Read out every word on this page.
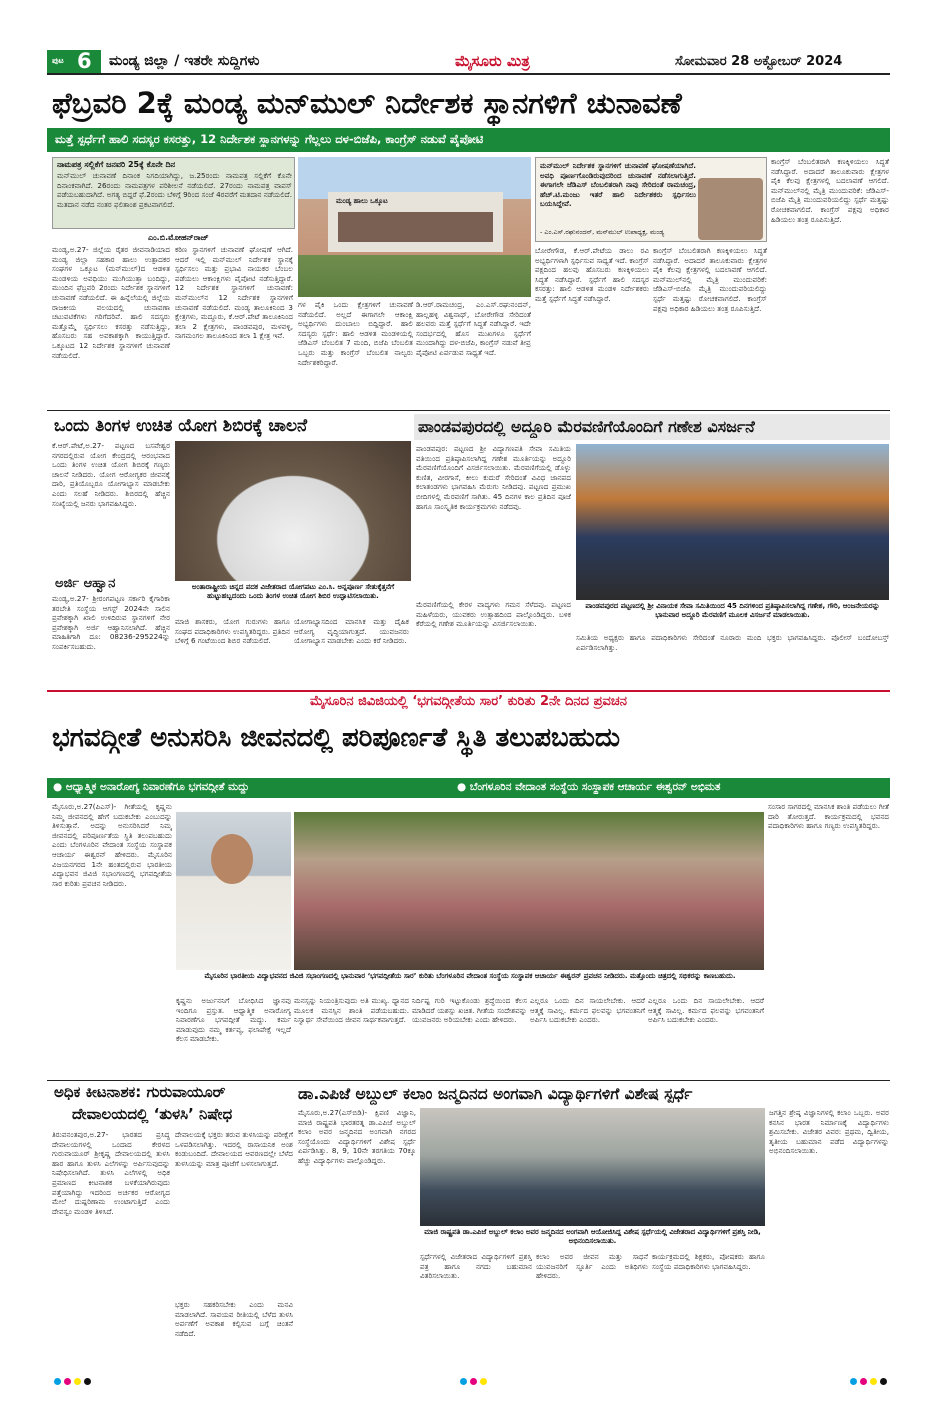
ಪುಟ 6 ಮಂಡ್ಯ ಜಿಲ್ಲಾ / ಇತರೇ ಸುದ್ದಿಗಳು	ಮೈಸೂರು ಮಿತ್ರ	ಸೋಮವಾರ 28 ಅಕ್ಟೋಬರ್ 2024
ಫೆಬ್ರವರಿ 2ಕ್ಕೆ ಮಂಡ್ಯ ಮನ್‌ಮುಲ್ ನಿರ್ದೇಶಕ ಸ್ಥಾನಗಳಿಗೆ ಚುನಾವಣೆ
ಮತ್ತೆ ಸ್ಪರ್ಧೆಗೆ ಹಾಲಿ ಸದಸ್ಯರ ಕಸರತ್ತು, 12 ನಿರ್ದೇಶಕ ಸ್ಥಾನಗಳನ್ನು ಗೆಲ್ಲಲು ದಳ-ಬಿಜೆಪಿ, ಕಾಂಗ್ರೆಸ್ ನಡುವೆ ಪೈಪೋಟಿ
ನಾಮಪತ್ರ ಸಲ್ಲಿಕೆಗೆ ಜನವರಿ 25ಕ್ಕೆ ಕೊನೇ ದಿನ
ಮನ್‌ಮುಲ್ ಚುನಾವಣೆ ದಿನಾಂಕ ನಿಗದಿಯಾಗಿದ್ದು, ಜ.25ರಂದು ನಾಮಪತ್ರ ಸಲ್ಲಿಕೆಗೆ ಕೊನೇ ದಿನಾಂಕವಾಗಿದೆ. 26ರಂದು ನಾಮಪತ್ರಗಳ ಪರಿಶೀಲನೆ ನಡೆಯಲಿದೆ. 27ರಂದು ನಾಮಪತ್ರ ವಾಪಸ್ ಪಡೆಯಬಹುದಾಗಿದೆ. ಅಗತ್ಯ ಬಿದ್ದರೆ ಫೆ.2ರಂದು ಬೆಳಿಗ್ಗೆ 9ರಿಂದ ಸಂಜೆ 4ರವರೆಗೆ ಮತದಾನ ನಡೆಯಲಿದೆ. ಮತದಾನ ನಡೆದ ನಂತರ ಫಲಿತಾಂಶ ಪ್ರಕಟವಾಗಲಿದೆ.
ಎಂ.ಬಿ.ಮೋಹನ್‌ರಾಜ್
ಮಂಡ್ಯ,ಅ.27- ಜಿಲ್ಲೆಯ ರೈತರ ಜೀವನಾಡಿಯಾದ ಮಂಡ್ಯ ಜಿಲ್ಲಾ ಸಹಕಾರ ಹಾಲು ಉತ್ಪಾದಕರ ಸಂಘಗಳ ಒಕ್ಕೂಟ (ಮನ್‌ಮುಲ್)ದ ಆಡಳಿತ ಮಂಡಳಿಯ ಅವಧಿಯು ಮುಗಿಯುತ್ತಾ ಬಂದಿದ್ದು, ಮುಂದಿನ ಫೆಬ್ರವರಿ 2ರಂದು ನಿರ್ದೇಶಕ ಸ್ಥಾನಗಳಿಗೆ ಚುನಾವಣೆ ನಡೆಯಲಿದೆ. ಈ ಹಿನ್ನೆಲೆಯಲ್ಲಿ ಜಿಲ್ಲೆಯ ರಾಜಕೀಯ ವಲಯದಲ್ಲಿ ಚುನಾವಣಾ ಚಟುವಟಿಕೆಗಳು ಗರಿಗೆದರಿವೆ. ಹಾಲಿ ಸದಸ್ಯರು ಮತ್ತೊಮ್ಮೆ ಸ್ಪರ್ಧಿಸಲು ಕಸರತ್ತು ನಡೆಸುತ್ತಿದ್ದು, ಹೊಸಬರು ಸಹ ಅವಕಾಶಕ್ಕಾಗಿ ಕಾಯುತ್ತಿದ್ದಾರೆ. ಒಕ್ಕೂಟದ 12 ನಿರ್ದೇಶಕ ಸ್ಥಾನಗಳಿಗೆ ಚುನಾವಣೆ ನಡೆಯಲಿದೆ.
ಕಠಿಣ ಸ್ಥಾನಗಳಿಗೆ ಚುನಾವಣೆ ಘೋಷಣೆ ಆಗಿದೆ. ಆದರೆ ಇಲ್ಲಿ ಮನ್‌ಮುಲ್ ನಿರ್ದೇಶಕ ಸ್ಥಾನಕ್ಕೆ ಸ್ಪರ್ಧಿಸಲು ಮತ್ತು ಪ್ರಭಾವಿ ನಾಯಕರ ಬೆಂಬಲ ಪಡೆಯಲು ಆಕಾಂಕ್ಷಿಗಳು ಪೈಪೋಟಿ ನಡೆಸುತ್ತಿದ್ದಾರೆ. 12 ನಿರ್ದೇಶಕ ಸ್ಥಾನಗಳಿಗೆ ಚುನಾವಣೆ: ಮನ್‌ಮುಲ್‌ನ 12 ನಿರ್ದೇಶಕ ಸ್ಥಾನಗಳಿಗೆ ಚುನಾವಣೆ ನಡೆಯಲಿದೆ. ಮಂಡ್ಯ ತಾಲೂಕಿನಿಂದ 3 ಕ್ಷೇತ್ರಗಳು, ಮದ್ದೂರು, ಕೆ.ಆರ್.ಪೇಟೆ ತಾಲೂಕಿನಿಂದ ತಲಾ 2 ಕ್ಷೇತ್ರಗಳು, ಪಾಂಡವಪುರ, ಮಳವಳ್ಳಿ, ನಾಗಮಂಗಲ ತಾಲೂಕಿನಿಂದ ತಲಾ 1 ಕ್ಷೇತ್ರ ಇವೆ.
ಮಂಡ್ಯ ಹಾಲು ಒಕ್ಕೂಟ
ಗಳ ಪೈಕಿ ಒಂದು ಕ್ಷೇತ್ರಗಳಿಗೆ ಚುನಾವಣೆ ನಡೆಯಲಿದೆ. ಅಲ್ಲದೆ ಈಗಾಗಲೇ ಆಕಾಂಕ್ಷಿ ಅಭ್ಯರ್ಥಿಗಳು ದುಂಬಾಲು ಬಿದ್ದಿದ್ದಾರೆ. ಹಾಲಿ ಸದಸ್ಯರು ಸ್ಪರ್ಧೆ: ಹಾಲಿ ಆಡಳಿತ ಮಂಡಳಿಯಲ್ಲಿ ಜೆಡಿಎಸ್ ಬೆಂಬಲಿತ 7 ಮಂದಿ, ಬಿಜೆಪಿ ಬೆಂಬಲಿತ ಒಬ್ಬರು ಮತ್ತು ಕಾಂಗ್ರೆಸ್ ಬೆಂಬಲಿತ ನಾಲ್ವರು ನಿರ್ದೇಶಕರಿದ್ದಾರೆ.
ಡಿ.ಆರ್.ರಾಮಚಂದ್ರ, ಎಂ.ಎಸ್.ರಘುನಂದನ್, ಹಾಲ್ಲಹಳ್ಳಿ ವಿಶ್ವನಾಥ್, ಬೋರೇಗೌಡ ಸೇರಿದಂತೆ ಹಲವರು ಮತ್ತೆ ಸ್ಪರ್ಧೆಗೆ ಸಿದ್ಧತೆ ನಡೆಸಿದ್ದಾರೆ. ಇದೇ ಸಂದರ್ಭದಲ್ಲಿ ಹೊಸ ಮುಖಗಳೂ ಸ್ಪರ್ಧೆಗೆ ಮುಂದಾಗಿದ್ದು ದಳ-ಬಿಜೆಪಿ, ಕಾಂಗ್ರೆಸ್ ನಡುವೆ ತೀವ್ರ ಪೈಪೋಟಿ ಏರ್ಪಡುವ ಸಾಧ್ಯತೆ ಇದೆ.
ಮನ್‌ಮುಲ್ ನಿರ್ದೇಶಕ ಸ್ಥಾನಗಳಿಗೆ ಚುನಾವಣೆ ಘೋಷಣೆಯಾಗಿದೆ. ಅವಧಿ ಪೂರ್ಣಗೊಂಡಿರುವುದರಿಂದ ಚುನಾವಣೆ ನಡೆಸಲಾಗುತ್ತಿದೆ. ಈಗಾಗಲೇ ಜೆಡಿಎಸ್ ಬೆಂಬಲಿತರಾಗಿ ನಾವು ಸೇರಿದಂತೆ ರಾಮಚಂದ್ರ, ಹೆಚ್.ಟಿ.ಮಂಜು ಇತರೆ ಹಾಲಿ ನಿರ್ದೇಶಕರು ಸ್ಪರ್ಧಿಸಲು ಬಯಸಿದ್ದೇವೆ.
- ಎಂ.ಎಸ್.ರಘುನಂದನ್, ಮನ್‌ಮುಲ್ ಉಪಾಧ್ಯಕ್ಷ, ಮಂಡ್ಯ
ಬೋರೇಗೌಡ, ಕೆ.ಆರ್.ಪೇಟೆಯ ಡಾಲು ರವಿ ಅಭ್ಯರ್ಥಿಗಳಾಗಿ ಸ್ಪರ್ಧಿಸುವ ಸಾಧ್ಯತೆ ಇದೆ. ಕಾಂಗ್ರೆಸ್ ಪಕ್ಷದಿಂದ ಹಲವು ಹೊಸಬರು ಕಣಕ್ಕಿಳಿಯಲು ಸಿದ್ಧತೆ ನಡೆಸಿದ್ದಾರೆ. ಸ್ಪರ್ಧೆಗೆ ಹಾಲಿ ಸದಸ್ಯರ ಕಸರತ್ತು: ಹಾಲಿ ಆಡಳಿತ ಮಂಡಳಿ ನಿರ್ದೇಶಕರು ಮತ್ತೆ ಸ್ಪರ್ಧೆಗೆ ಸಿದ್ಧತೆ ನಡೆಸಿದ್ದಾರೆ.
ಕಾಂಗ್ರೆಸ್ ಬೆಂಬಲಿತರಾಗಿ ಕಣಕ್ಕಿಳಿಯಲು ಸಿದ್ಧತೆ ನಡೆಸಿದ್ದಾರೆ. ಅದಾದರೆ ತಾಲೂಕುವಾರು ಕ್ಷೇತ್ರಗಳ ಪೈಕಿ ಕೆಲವು ಕ್ಷೇತ್ರಗಳಲ್ಲಿ ಬದಲಾವಣೆ ಆಗಲಿದೆ. ಮನ್‌ಮುಲ್‌ನಲ್ಲಿ ಮೈತ್ರಿ ಮುಂದುವರಿಕೆ: ಜೆಡಿಎಸ್-ಬಿಜೆಪಿ ಮೈತ್ರಿ ಮುಂದುವರಿಯಲಿದ್ದು ಸ್ಪರ್ಧೆ ಮತ್ತಷ್ಟು ರೋಚಕವಾಗಲಿದೆ. ಕಾಂಗ್ರೆಸ್ ಪಕ್ಷವು ಅಧಿಕಾರ ಹಿಡಿಯಲು ತಂತ್ರ ರೂಪಿಸುತ್ತಿದೆ.
ಕಾಂಗ್ರೆಸ್ ಬೆಂಬಲಿತರಾಗಿ ಕಣಕ್ಕಿಳಿಯಲು ಸಿದ್ಧತೆ ನಡೆಸಿದ್ದಾರೆ. ಅದಾದರೆ ತಾಲೂಕುವಾರು ಕ್ಷೇತ್ರಗಳ ಪೈಕಿ ಕೆಲವು ಕ್ಷೇತ್ರಗಳಲ್ಲಿ ಬದಲಾವಣೆ ಆಗಲಿದೆ. ಮನ್‌ಮುಲ್‌ನಲ್ಲಿ ಮೈತ್ರಿ ಮುಂದುವರಿಕೆ: ಜೆಡಿಎಸ್-ಬಿಜೆಪಿ ಮೈತ್ರಿ ಮುಂದುವರಿಯಲಿದ್ದು ಸ್ಪರ್ಧೆ ಮತ್ತಷ್ಟು ರೋಚಕವಾಗಲಿದೆ. ಕಾಂಗ್ರೆಸ್ ಪಕ್ಷವು ಅಧಿಕಾರ ಹಿಡಿಯಲು ತಂತ್ರ ರೂಪಿಸುತ್ತಿದೆ.
ಒಂದು ತಿಂಗಳ ಉಚಿತ ಯೋಗ ಶಿಬಿರಕ್ಕೆ ಚಾಲನೆ
ಕೆ.ಆರ್.ಪೇಟೆ,ಅ.27- ಪಟ್ಟಣದ ಬಸವೇಶ್ವರ ನಗರದಲ್ಲಿರುವ ಯೋಗ ಕೇಂದ್ರದಲ್ಲಿ ಆರಂಭವಾದ ಒಂದು ತಿಂಗಳ ಉಚಿತ ಯೋಗ ಶಿಬಿರಕ್ಕೆ ಗಣ್ಯರು ಚಾಲನೆ ನೀಡಿದರು. ಯೋಗ ಆರೋಗ್ಯಕರ ಜೀವನಕ್ಕೆ ದಾರಿ, ಪ್ರತಿಯೊಬ್ಬರೂ ಯೋಗಾಭ್ಯಾಸ ಮಾಡಬೇಕು ಎಂದು ಸಲಹೆ ನೀಡಿದರು. ಶಿಬಿರದಲ್ಲಿ ಹೆಚ್ಚಿನ ಸಂಖ್ಯೆಯಲ್ಲಿ ಜನರು ಭಾಗವಹಿಸಿದ್ದರು.
ಅಂತಾರಾಷ್ಟ್ರೀಯ ಚಿನ್ನದ ಪದಕ ವಿಜೇತರಾದ ಯೋಗಪಟು ಎಂ.ಸಿ. ಅನ್ನಪೂರ್ಣ ಸೇತುಕ್ಕೆತ್ತನೆಗೆ ಹುಟ್ಟುಹಬ್ಬದಂದು ಒಂದು ತಿಂಗಳ ಉಚಿತ ಯೋಗ ಶಿಬಿರ ಉದ್ಘಾಟಿಸಲಾಯಿತು.
ಅರ್ಜಿ ಆಹ್ವಾನ
ಮಂಡ್ಯ,ಅ.27- ಶ್ರೀರಂಗಪಟ್ಟಣ ಸರ್ಕಾರಿ ಕೈಗಾರಿಕಾ ತರಬೇತಿ ಸಂಸ್ಥೆಯ ಆಗಸ್ಟ್ 2024ನೇ ಸಾಲಿನ ಪ್ರವೇಶಕ್ಕಾಗಿ ಖಾಲಿ ಉಳಿದಿರುವ ಸ್ಥಾನಗಳಿಗೆ ನೇರ ಪ್ರವೇಶಕ್ಕಾಗಿ ಅರ್ಜಿ ಆಹ್ವಾನಿಸಲಾಗಿದೆ. ಹೆಚ್ಚಿನ ಮಾಹಿತಿಗಾಗಿ ದೂ: 08236-295224ನ್ನು ಸಂಪರ್ಕಿಸಬಹುದು.
ಮಾಜಿ ಶಾಸಕರು, ಯೋಗ ಗುರುಗಳು ಹಾಗೂ ಸಂಘದ ಪದಾಧಿಕಾರಿಗಳು ಉಪಸ್ಥಿತರಿದ್ದರು. ಪ್ರತಿದಿನ ಬೆಳಿಗ್ಗೆ 6 ಗಂಟೆಯಿಂದ ಶಿಬಿರ ನಡೆಯಲಿದೆ.
ಯೋಗಾಭ್ಯಾಸದಿಂದ ಮಾನಸಿಕ ಮತ್ತು ದೈಹಿಕ ಆರೋಗ್ಯ ವೃದ್ಧಿಯಾಗುತ್ತದೆ. ಯುವಜನರು ಯೋಗಾಭ್ಯಾಸ ಮಾಡಬೇಕು ಎಂದು ಕರೆ ನೀಡಿದರು.
ಪಾಂಡವಪುರದಲ್ಲಿ ಅದ್ದೂರಿ ಮೆರವಣಿಗೆಯೊಂದಿಗೆ ಗಣೇಶ ವಿಸರ್ಜನೆ
ಪಾಂಡವಪುರ: ಪಟ್ಟಣದ ಶ್ರೀ ವಿದ್ಯಾಗಣಪತಿ ಸೇವಾ ಸಮಿತಿಯ ವತಿಯಿಂದ ಪ್ರತಿಷ್ಠಾಪಿಸಲಾಗಿದ್ದ ಗಣೇಶ ಮೂರ್ತಿಯನ್ನು ಅದ್ದೂರಿ ಮೆರವಣಿಗೆಯೊಂದಿಗೆ ವಿಸರ್ಜಿಸಲಾಯಿತು. ಮೆರವಣಿಗೆಯಲ್ಲಿ ಡೊಳ್ಳು ಕುಣಿತ, ವೀರಗಾಸೆ, ಕೀಲು ಕುದುರೆ ಸೇರಿದಂತೆ ವಿವಿಧ ಜಾನಪದ ಕಲಾತಂಡಗಳು ಭಾಗವಹಿಸಿ ಮೆರುಗು ನೀಡಿದವು. ಪಟ್ಟಣದ ಪ್ರಮುಖ ಬೀದಿಗಳಲ್ಲಿ ಮೆರವಣಿಗೆ ಸಾಗಿತು. 45 ದಿನಗಳ ಕಾಲ ಪ್ರತಿದಿನ ಪೂಜೆ ಹಾಗೂ ಸಾಂಸ್ಕೃತಿಕ ಕಾರ್ಯಕ್ರಮಗಳು ನಡೆದವು.
ಪಾಂಡವಪುರದ ಪಟ್ಟಣದಲ್ಲಿ ಶ್ರೀ ವಿನಾಯಕ ಸೇವಾ ಸಮಿತಿಯಿಂದ 45 ದಿನಗಳಿಂದ ಪ್ರತಿಷ್ಠಾಪಿಸಲಾಗಿದ್ದ ಗಣೇಶ, ಗೌರಿ, ಆಂಜನೇಯರನ್ನು ಭಾನುವಾರ ಅದ್ದೂರಿ ಮೆರವಣಿಗೆ ಮೂಲಕ ವಿಸರ್ಜನೆ ಮಾಡಲಾಯಿತು.
ಮೆರವಣಿಗೆಯಲ್ಲಿ ಕೇರಳ ವಾದ್ಯಗಳು ಗಮನ ಸೆಳೆದವು. ಪಟ್ಟಣದ ಮಹಿಳೆಯರು, ಯುವಕರು ಉತ್ಸಾಹದಿಂದ ಪಾಲ್ಗೊಂಡಿದ್ದರು. ಬಳಿಕ ಕೆರೆಯಲ್ಲಿ ಗಣೇಶ ಮೂರ್ತಿಯನ್ನು ವಿಸರ್ಜಿಸಲಾಯಿತು.
ಸಮಿತಿಯ ಅಧ್ಯಕ್ಷರು ಹಾಗೂ ಪದಾಧಿಕಾರಿಗಳು ಸೇರಿದಂತೆ ನೂರಾರು ಮಂದಿ ಭಕ್ತರು ಭಾಗವಹಿಸಿದ್ದರು. ಪೊಲೀಸ್ ಬಂದೋಬಸ್ತ್ ಏರ್ಪಡಿಸಲಾಗಿತ್ತು.
ಮೈಸೂರಿನ ಜಿವಿಜಿಯಲ್ಲಿ ‘ಭಗವದ್ಗೀತೆಯ ಸಾರ’ ಕುರಿತು 2ನೇ ದಿನದ ಪ್ರವಚನ
ಭಗವದ್ಗೀತೆ ಅನುಸರಿಸಿ ಜೀವನದಲ್ಲಿ ಪರಿಪೂರ್ಣತೆ ಸ್ಥಿತಿ ತಲುಪಬಹುದು
● ಆಧ್ಯಾತ್ಮಿಕ ಅನಾರೋಗ್ಯ ನಿವಾರಣೆಗೂ ಭಗವದ್ಗೀತೆ ಮದ್ದು	● ಬೆಂಗಳೂರಿನ ವೇದಾಂತ ಸಂಸ್ಥೆಯ ಸಂಸ್ಥಾಪಕ ಆಚಾರ್ಯ ಈಶ್ವರನ್ ಅಭಿಮತ
ಮೈಸೂರು,ಅ.27(ಪಿಎಸ್)- ಗೀತೆಯಲ್ಲಿ ಕೃಷ್ಣನು ನಿಮ್ಮ ಜೀವನದಲ್ಲಿ ಹೇಗೆ ಬದುಕಬೇಕು ಎಂಬುದನ್ನು ತಿಳಿಸುತ್ತಾನೆ. ಅದನ್ನು ಅನುಸರಿಸಿದರೆ ನಿಮ್ಮ ಜೀವನದಲ್ಲಿ ಪರಿಪೂರ್ಣತೆಯ ಸ್ಥಿತಿ ತಲುಪಬಹುದು ಎಂದು ಬೆಂಗಳೂರಿನ ವೇದಾಂತ ಸಂಸ್ಥೆಯ ಸಂಸ್ಥಾಪಕ ಆಚಾರ್ಯ ಈಶ್ವರನ್ ಹೇಳಿದರು. ಮೈಸೂರಿನ ವಿಜಯನಗರದ 1ನೇ ಹಂತದಲ್ಲಿರುವ ಭಾರತೀಯ ವಿದ್ಯಾಭವನ ಜಿವಿಜಿ ಸಭಾಂಗಣದಲ್ಲಿ ಭಗವದ್ಗೀತೆಯ ಸಾರ ಕುರಿತು ಪ್ರವಚನ ನೀಡಿದರು.
ಮೈಸೂರಿನ ಭಾರತೀಯ ವಿದ್ಯಾಭವನದ ಜಿವಿಜಿ ಸಭಾಂಗಣದಲ್ಲಿ ಭಾನುವಾರ ‘ಭಗವದ್ಗೀತೆಯ ಸಾರ’ ಕುರಿತು ಬೆಂಗಳೂರಿನ ವೇದಾಂತ ಸಂಸ್ಥೆಯ ಸಂಸ್ಥಾಪಕ ಆಚಾರ್ಯ ಈಶ್ವರನ್ ಪ್ರವಚನ ನೀಡಿದರು. ಮತ್ತೊಂದು ಚಿತ್ರದಲ್ಲಿ ಸಭಿಕರನ್ನು ಕಾಣಬಹುದು.
ಕೃಷ್ಣನು ಅರ್ಜುನನಿಗೆ ಬೋಧಿಸಿದ ಜ್ಞಾನವು ಇಂದಿಗೂ ಪ್ರಸ್ತುತ. ಆಧ್ಯಾತ್ಮಿಕ ಅನಾರೋಗ್ಯ ನಿವಾರಣೆಗೂ ಭಗವದ್ಗೀತೆ ಮದ್ದು. ಕರ್ಮ ಮಾಡುವುದು ನಮ್ಮ ಕರ್ತವ್ಯ, ಫಲಾಪೇಕ್ಷೆ ಇಲ್ಲದೆ ಕೆಲಸ ಮಾಡಬೇಕು.
ಮನಸ್ಸನ್ನು ನಿಯಂತ್ರಿಸುವುದು ಅತಿ ಮುಖ್ಯ. ಧ್ಯಾನದ ಮೂಲಕ ಮನಸ್ಸಿನ ಶಾಂತಿ ಪಡೆಯಬಹುದು. ನಿಸ್ವಾರ್ಥ ಸೇವೆಯಿಂದ ಜೀವನ ಸಾರ್ಥಕವಾಗುತ್ತದೆ.
ನಿರ್ದಿಷ್ಟ ಗುರಿ ಇಟ್ಟುಕೊಂಡು ಶ್ರದ್ಧೆಯಿಂದ ಕೆಲಸ ಮಾಡಿದರೆ ಯಶಸ್ಸು ಖಚಿತ. ಗೀತೆಯ ಸಂದೇಶವನ್ನು ಯುವಜನರು ಅರಿಯಬೇಕು ಎಂದು ಹೇಳಿದರು.
ಎಲ್ಲರೂ ಒಂದು ದಿನ ಸಾಯಲೇಬೇಕು. ಆದರೆ ಆತ್ಮಕ್ಕೆ ಸಾವಿಲ್ಲ. ಕರ್ಮದ ಫಲವನ್ನು ಭಗವಂತನಿಗೆ ಅರ್ಪಿಸಿ ಬದುಕಬೇಕು ಎಂದರು.
ಸಂಸಾರ ಸಾಗರದಲ್ಲಿ ಮಾನಸಿಕ ಶಾಂತಿ ಪಡೆಯಲು ಗೀತೆ ದಾರಿ ತೋರುತ್ತದೆ. ಕಾರ್ಯಕ್ರಮದಲ್ಲಿ ಭವನದ ಪದಾಧಿಕಾರಿಗಳು ಹಾಗೂ ಗಣ್ಯರು ಉಪಸ್ಥಿತರಿದ್ದರು.
ಎಲ್ಲರೂ ಒಂದು ದಿನ ಸಾಯಲೇಬೇಕು. ಆದರೆ ಆತ್ಮಕ್ಕೆ ಸಾವಿಲ್ಲ. ಕರ್ಮದ ಫಲವನ್ನು ಭಗವಂತನಿಗೆ ಅರ್ಪಿಸಿ ಬದುಕಬೇಕು ಎಂದರು.
ಅಧಿಕ ಕೀಟನಾಶಕ: ಗುರುವಾಯೂರ್
ದೇವಾಲಯದಲ್ಲಿ ‘ತುಳಸಿ’ ನಿಷೇಧ
ತಿರುವನಂತಪುರ,ಅ.27- ಭಾರತದ ಪ್ರಸಿದ್ಧ ದೇವಾಲಯಗಳಲ್ಲಿ ಒಂದಾದ ಕೇರಳದ ಗುರುವಾಯೂರ್ ಶ್ರೀಕೃಷ್ಣ ದೇವಾಲಯದಲ್ಲಿ ತುಳಸಿ ಹಾರ ಹಾಗೂ ತುಳಸಿ ಎಲೆಗಳನ್ನು ಅರ್ಪಿಸುವುದನ್ನು ನಿಷೇಧಿಸಲಾಗಿದೆ. ತುಳಸಿ ಎಲೆಗಳಲ್ಲಿ ಅಧಿಕ ಪ್ರಮಾಣದ ಕೀಟನಾಶಕ ಬಳಕೆಯಾಗಿರುವುದು ಪತ್ತೆಯಾಗಿದ್ದು ಇದರಿಂದ ಅರ್ಚಕರ ಆರೋಗ್ಯದ ಮೇಲೆ ದುಷ್ಪರಿಣಾಮ ಉಂಟಾಗುತ್ತಿದೆ ಎಂದು ದೇವಸ್ವಂ ಮಂಡಳಿ ತಿಳಿಸಿದೆ.
ದೇವಾಲಯಕ್ಕೆ ಭಕ್ತರು ತರುವ ತುಳಸಿಯನ್ನು ಪರೀಕ್ಷೆಗೆ ಒಳಪಡಿಸಲಾಗಿತ್ತು. ಇದರಲ್ಲಿ ರಾಸಾಯನಿಕ ಅಂಶ ಕಂಡುಬಂದಿದೆ. ದೇವಾಲಯದ ಆವರಣದಲ್ಲೇ ಬೆಳೆದ ತುಳಸಿಯನ್ನು ಮಾತ್ರ ಪೂಜೆಗೆ ಬಳಸಲಾಗುತ್ತದೆ.
ಭಕ್ತರು ಸಹಕರಿಸಬೇಕು ಎಂದು ಮನವಿ ಮಾಡಲಾಗಿದೆ. ಸಾವಯವ ರೀತಿಯಲ್ಲಿ ಬೆಳೆದ ತುಳಸಿ ಅರ್ಪಣೆಗೆ ಅವಕಾಶ ಕಲ್ಪಿಸುವ ಬಗ್ಗೆ ಚಿಂತನೆ ನಡೆದಿದೆ.
ಡಾ.ಎಪಿಜೆ ಅಬ್ದುಲ್ ಕಲಾಂ ಜನ್ಮದಿನದ ಅಂಗವಾಗಿ ವಿದ್ಯಾರ್ಥಿಗಳಿಗೆ ವಿಶೇಷ ಸ್ಪರ್ಧೆ
ಮೈಸೂರು,ಅ.27(ಎಸ್‌ಬಿಡಿ)- ಕ್ಷಿಪಣಿ ವಿಜ್ಞಾನಿ, ಮಾಜಿ ರಾಷ್ಟ್ರಪತಿ ಭಾರತರತ್ನ ಡಾ.ಎಪಿಜೆ ಅಬ್ದುಲ್ ಕಲಾಂ ಅವರ ಜನ್ಮದಿನದ ಅಂಗವಾಗಿ ನಗರದ ಸಂಸ್ಥೆಯೊಂದು ವಿದ್ಯಾರ್ಥಿಗಳಿಗೆ ವಿಶೇಷ ಸ್ಪರ್ಧೆ ಏರ್ಪಡಿಸಿತ್ತು. 8, 9, 10ನೇ ತರಗತಿಯ 70ಕ್ಕೂ ಹೆಚ್ಚು ವಿದ್ಯಾರ್ಥಿಗಳು ಪಾಲ್ಗೊಂಡಿದ್ದರು.
ಮಾಜಿ ರಾಷ್ಟ್ರಪತಿ ಡಾ.ಎಪಿಜೆ ಅಬ್ದುಲ್ ಕಲಾಂ ಅವರ ಜನ್ಮದಿನದ ಅಂಗವಾಗಿ ಆಯೋಜಿಸಿದ್ದ ವಿಶೇಷ ಸ್ಪರ್ಧೆಯಲ್ಲಿ ವಿಜೇತರಾದ ವಿದ್ಯಾರ್ಥಿಗಳಿಗೆ ಪ್ರಶಸ್ತಿ ನೀಡಿ, ಅಭಿನಂದಿಸಲಾಯಿತು.
ಸ್ಪರ್ಧೆಗಳಲ್ಲಿ ವಿಜೇತರಾದ ವಿದ್ಯಾರ್ಥಿಗಳಿಗೆ ಪ್ರಶಸ್ತಿ ಪತ್ರ ಹಾಗೂ ನಗದು ಬಹುಮಾನ ವಿತರಿಸಲಾಯಿತು.
ಕಲಾಂ ಅವರ ಜೀವನ ಮತ್ತು ಸಾಧನೆ ಯುವಜನರಿಗೆ ಸ್ಫೂರ್ತಿ ಎಂದು ಅತಿಥಿಗಳು ಹೇಳಿದರು.
ಕಾರ್ಯಕ್ರಮದಲ್ಲಿ ಶಿಕ್ಷಕರು, ಪೋಷಕರು ಹಾಗೂ ಸಂಸ್ಥೆಯ ಪದಾಧಿಕಾರಿಗಳು ಭಾಗವಹಿಸಿದ್ದರು.
ಜಗತ್ತಿನ ಶ್ರೇಷ್ಠ ವಿಜ್ಞಾನಿಗಳಲ್ಲಿ ಕಲಾಂ ಒಬ್ಬರು. ಅವರ ಕನಸಿನ ಭಾರತ ನಿರ್ಮಾಣಕ್ಕೆ ವಿದ್ಯಾರ್ಥಿಗಳು ಶ್ರಮಿಸಬೇಕು. ವಿಜೇತರ ವಿವರ: ಪ್ರಥಮ, ದ್ವಿತೀಯ, ತೃತೀಯ ಬಹುಮಾನ ಪಡೆದ ವಿದ್ಯಾರ್ಥಿಗಳನ್ನು ಅಭಿನಂದಿಸಲಾಯಿತು.
